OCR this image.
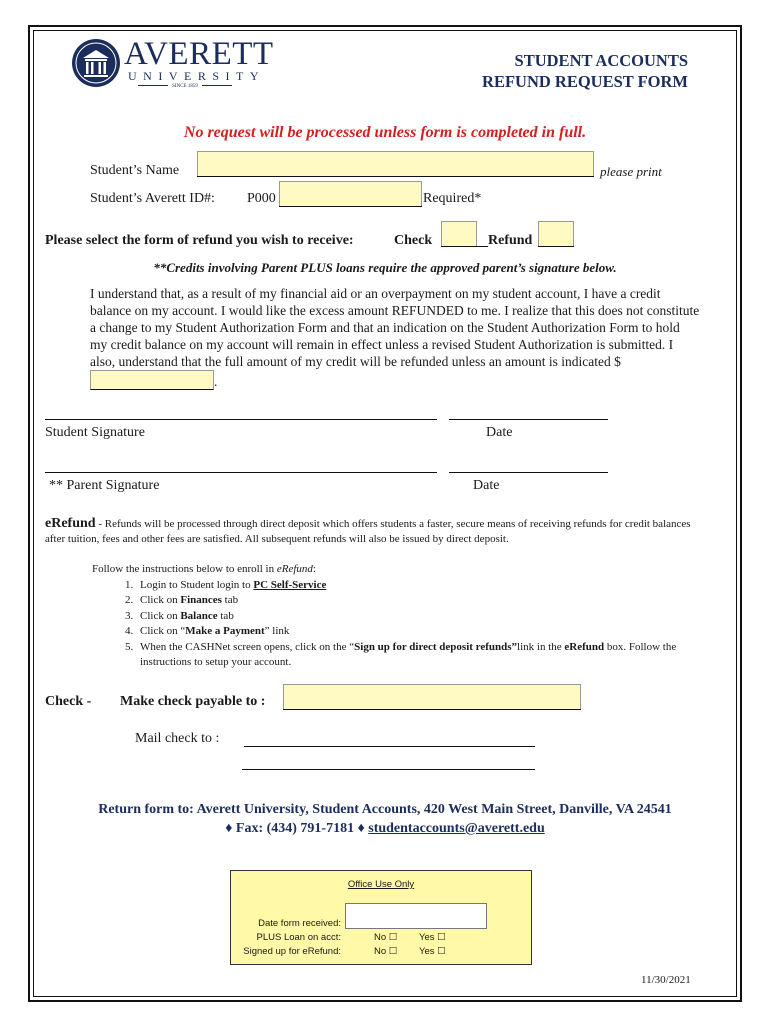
AVERETT
UNIVERSITY
SINCE 1859
STUDENT ACCOUNTS
REFUND REQUEST FORM
No request will be processed unless form is completed in full.
Student’s Name	please print
Student’s Averett ID#: P000	Required*
Please select the form of refund you wish to receive:	Check	Refund
**Credits involving Parent PLUS loans require the approved parent’s signature below.
I understand that, as a result of my financial aid or an overpayment on my student account, I have a credit balance on my account. I would like the excess amount REFUNDED to me. I realize that this does not constitute a change to my Student Authorization Form and that an indication on the Student Authorization Form to hold my credit balance on my account will remain in effect unless a revised Student Authorization is submitted. I also, understand that the full amount of my credit will be refunded unless an amount is indicated $.
Student Signature	Date
** Parent Signature	Date
eRefund - Refunds will be processed through direct deposit which offers students a faster, secure means of receiving refunds for credit balances after tuition, fees and other fees are satisfied. All subsequent refunds will also be issued by direct deposit.
Follow the instructions below to enroll in eRefund:
1. Login to Student login to PC Self-Service
2. Click on Finances tab
3. Click on Balance tab
4. Click on “Make a Payment” link
5. When the CASHNet screen opens, click on the “Sign up for direct deposit refunds”link in the eRefund box. Follow the instructions to setup your account.
Check - Make check payable to :
Mail check to :
Return form to: Averett University, Student Accounts, 420 West Main Street, Danville, VA 24541
♦ Fax: (434) 791-7181 ♦ studentaccounts@averett.edu
Office Use Only
Date form received:
PLUS Loan on acct:	No ☐ Yes ☐
Signed up for eRefund:	No ☐ Yes ☐
11/30/2021
